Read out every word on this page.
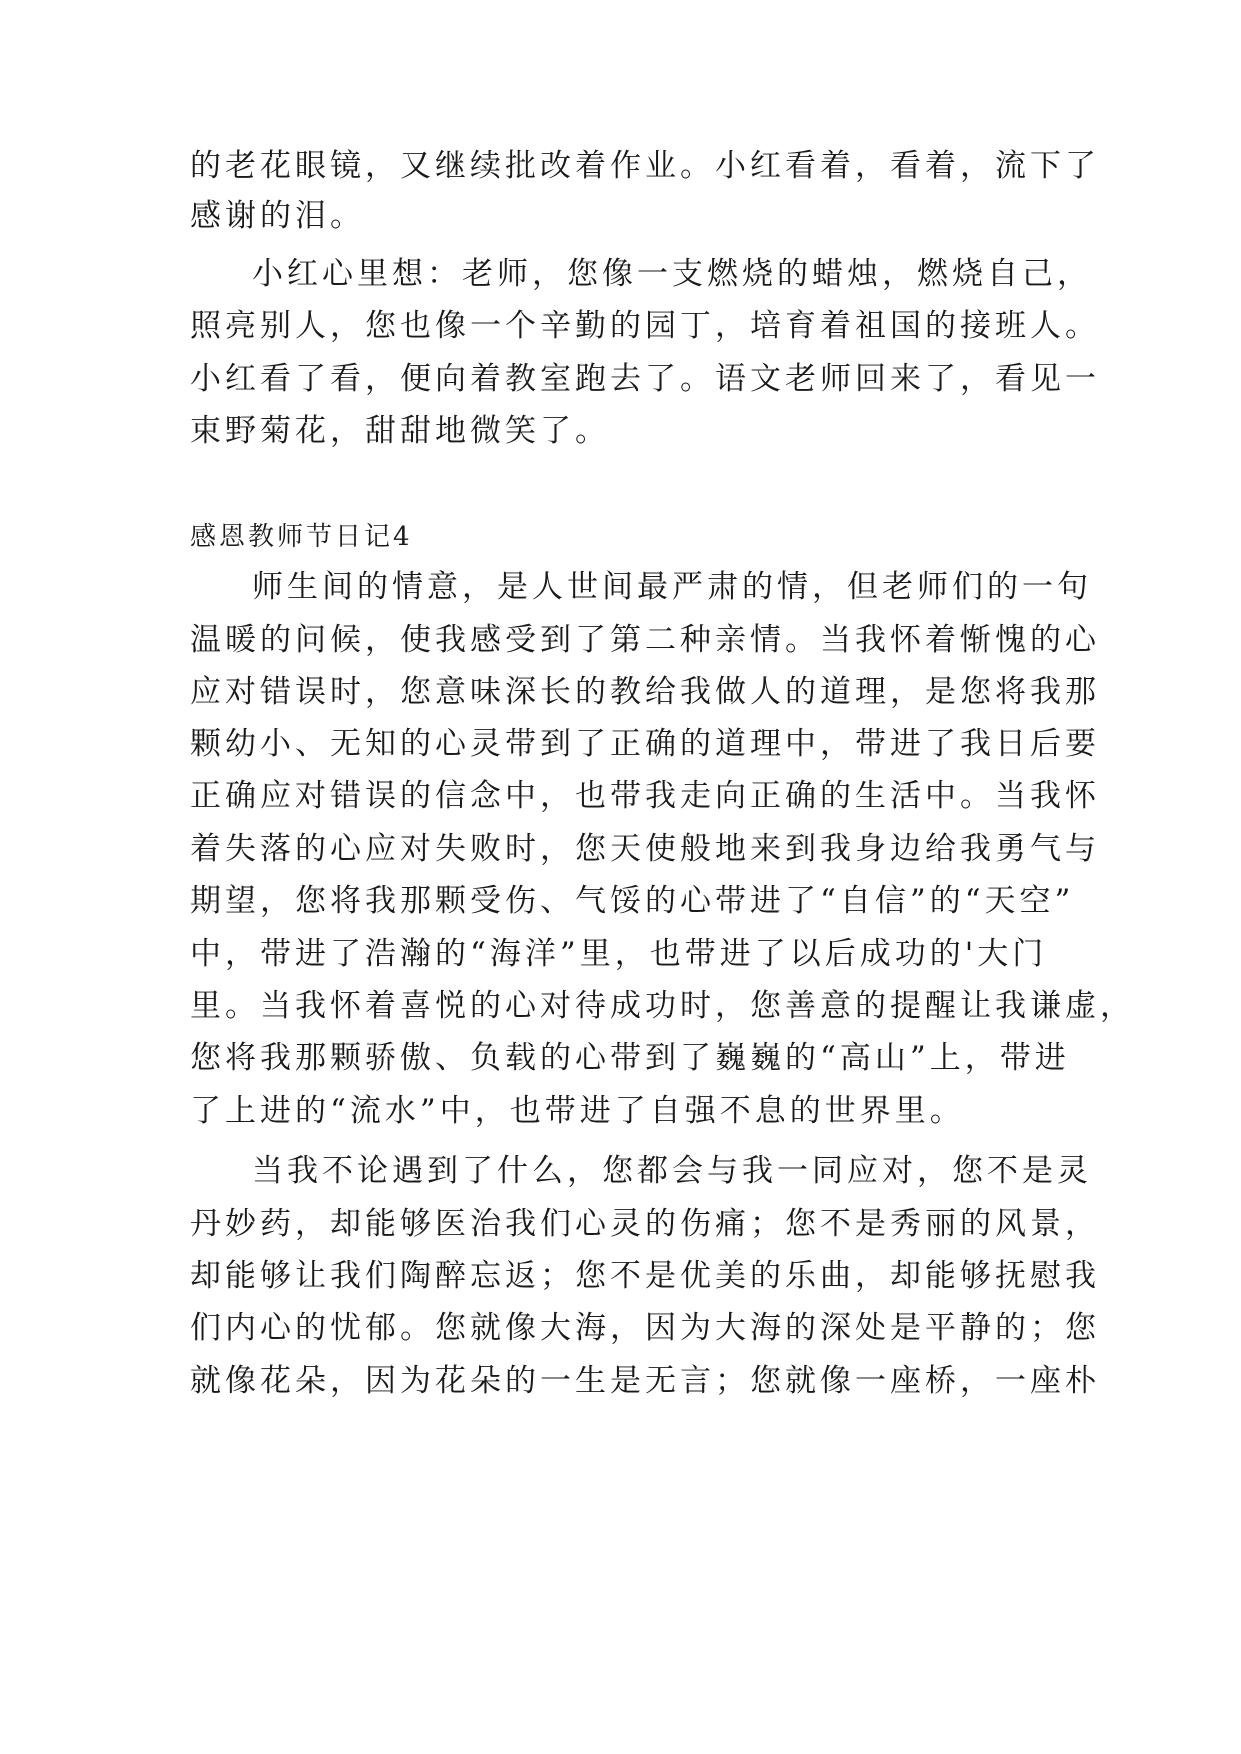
的老花眼镜，又继续批改着作业。小红看着，看着，流下了
感谢的泪。
小红心里想：老师，您像一支燃烧的蜡烛，燃烧自己，
照亮别人，您也像一个辛勤的园丁，培育着祖国的接班人。
小红看了看，便向着教室跑去了。语文老师回来了，看见一
束野菊花，甜甜地微笑了。
感恩教师节日记4
师生间的情意，是人世间最严肃的情，但老师们的一句
温暖的问候，使我感受到了第二种亲情。当我怀着惭愧的心
应对错误时，您意味深长的教给我做人的道理，是您将我那
颗幼小、无知的心灵带到了正确的道理中，带进了我日后要
正确应对错误的信念中，也带我走向正确的生活中。当我怀
着失落的心应对失败时，您天使般地来到我身边给我勇气与
期望，您将我那颗受伤、气馁的心带进了“自信”的“天空”
中，带进了浩瀚的“海洋”里，也带进了以后成功的'大门
里。当我怀着喜悦的心对待成功时，您善意的提醒让我谦虚，
您将我那颗骄傲、负载的心带到了巍巍的“高山”上，带进
了上进的“流水”中，也带进了自强不息的世界里。
当我不论遇到了什么，您都会与我一同应对，您不是灵
丹妙药，却能够医治我们心灵的伤痛；您不是秀丽的风景，
却能够让我们陶醉忘返；您不是优美的乐曲，却能够抚慰我
们内心的忧郁。您就像大海，因为大海的深处是平静的；您
就像花朵，因为花朵的一生是无言；您就像一座桥，一座朴
